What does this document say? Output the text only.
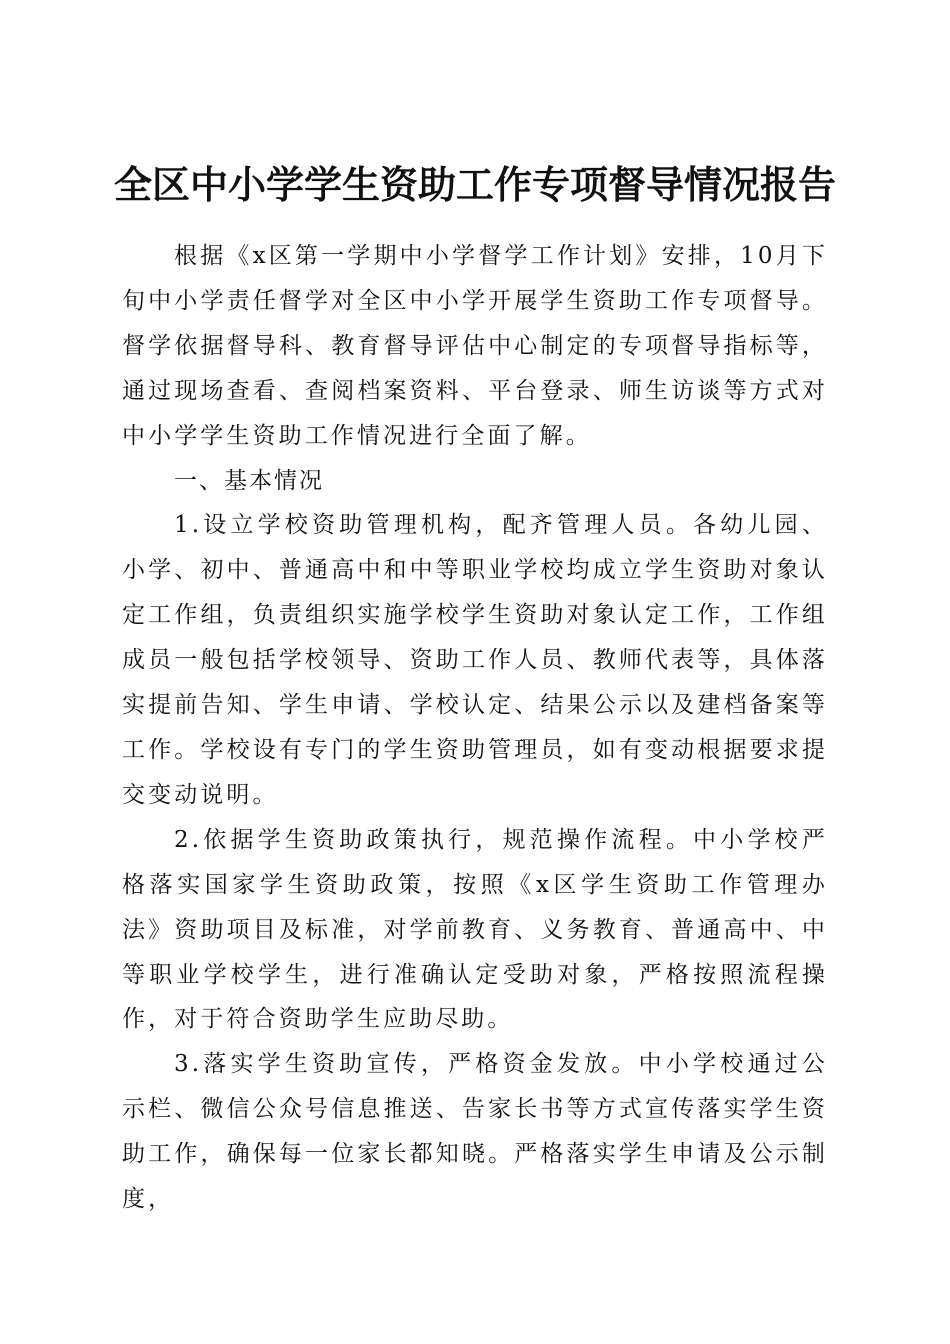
全区中小学学生资助工作专项督导情况报告

根据《x区第一学期中小学督学工作计划》安排，10月下旬中小学责任督学对全区中小学开展学生资助工作专项督导。督学依据督导科、教育督导评估中心制定的专项督导指标等，通过现场查看、查阅档案资料、平台登录、师生访谈等方式对中小学学生资助工作情况进行全面了解。

一、基本情况

1.设立学校资助管理机构，配齐管理人员。各幼儿园、小学、初中、普通高中和中等职业学校均成立学生资助对象认定工作组，负责组织实施学校学生资助对象认定工作，工作组成员一般包括学校领导、资助工作人员、教师代表等，具体落实提前告知、学生申请、学校认定、结果公示以及建档备案等工作。学校设有专门的学生资助管理员，如有变动根据要求提交变动说明。

2.依据学生资助政策执行，规范操作流程。中小学校严格落实国家学生资助政策，按照《x区学生资助工作管理办法》资助项目及标准，对学前教育、义务教育、普通高中、中等职业学校学生，进行准确认定受助对象，严格按照流程操作，对于符合资助学生应助尽助。

3.落实学生资助宣传，严格资金发放。中小学校通过公示栏、微信公众号信息推送、告家长书等方式宣传落实学生资助工作，确保每一位家长都知晓。严格落实学生申请及公示制度，
